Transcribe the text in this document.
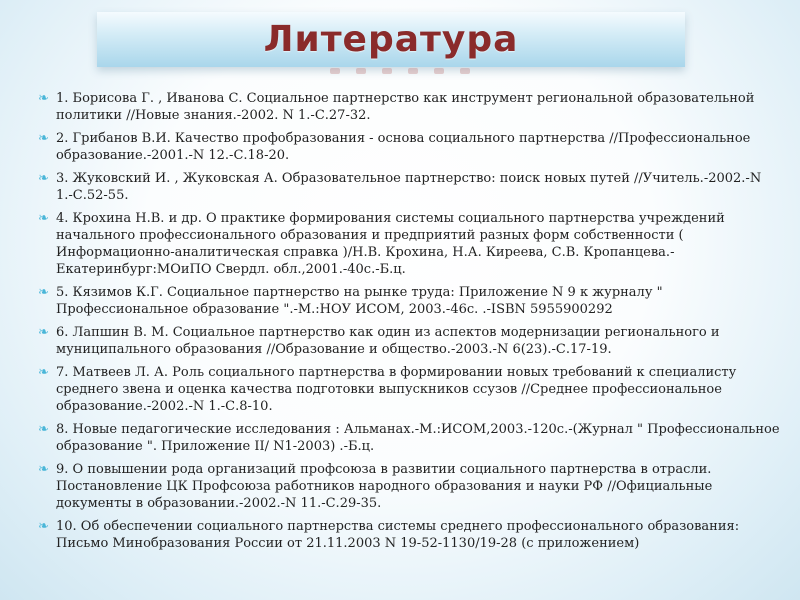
Литература
❧ 1. Борисова Г. , Иванова С. Социальное партнерство как инструмент региональной образовательной политики //Новые знания.-2002. N 1.-С.27-32.
❧ 2. Грибанов В.И. Качество профобразования - основа социального партнерства //Профессиональное образование.-2001.-N 12.-С.18-20.
❧ 3. Жуковский И. , Жуковская А. Образовательное партнерство: поиск новых путей //Учитель.-2002.-N 1.-С.52-55.
❧ 4. Крохина Н.В. и др. О практике формирования системы социального партнерства учреждений начального профессионального образования и предприятий разных форм собственности ( Информационно-аналитическая справка )/Н.В. Крохина, Н.А. Киреева, С.В. Кропанцева.-Екатеринбург:МОиПО Свердл. обл.,2001.-40с.-Б.ц.
❧ 5. Кязимов К.Г. Социальное партнерство на рынке труда: Приложение N 9 к журналу " Профессиональное образование ".-М.:НОУ ИСОМ, 2003.-46с. .-ISBN 5955900292
❧ 6. Лапшин В. М. Социальное партнерство как один из аспектов модернизации регионального и муниципального образования //Образование и общество.-2003.-N 6(23).-С.17-19.
❧ 7. Матвеев Л. А. Роль социального партнерства в формировании новых требований к специалисту среднего звена и оценка качества подготовки выпускников ссузов //Среднее профессиональное образование.-2002.-N 1.-С.8-10.
❧ 8. Новые педагогические исследования : Альманах.-М.:ИСОМ,2003.-120с.-(Журнал " Профессиональное образование ". Приложение II/ N1-2003) .-Б.ц.
❧ 9. О повышении рода организаций профсоюза в развитии социального партнерства в отрасли. Постановление ЦК Профсоюза работников народного образования и науки РФ //Официальные документы в образовании.-2002.-N 11.-С.29-35.
❧ 10. Об обеспечении социального партнерства системы среднего профессионального образования: Письмо Минобразования России от 21.11.2003 N 19-52-1130/19-28 (с приложением)
